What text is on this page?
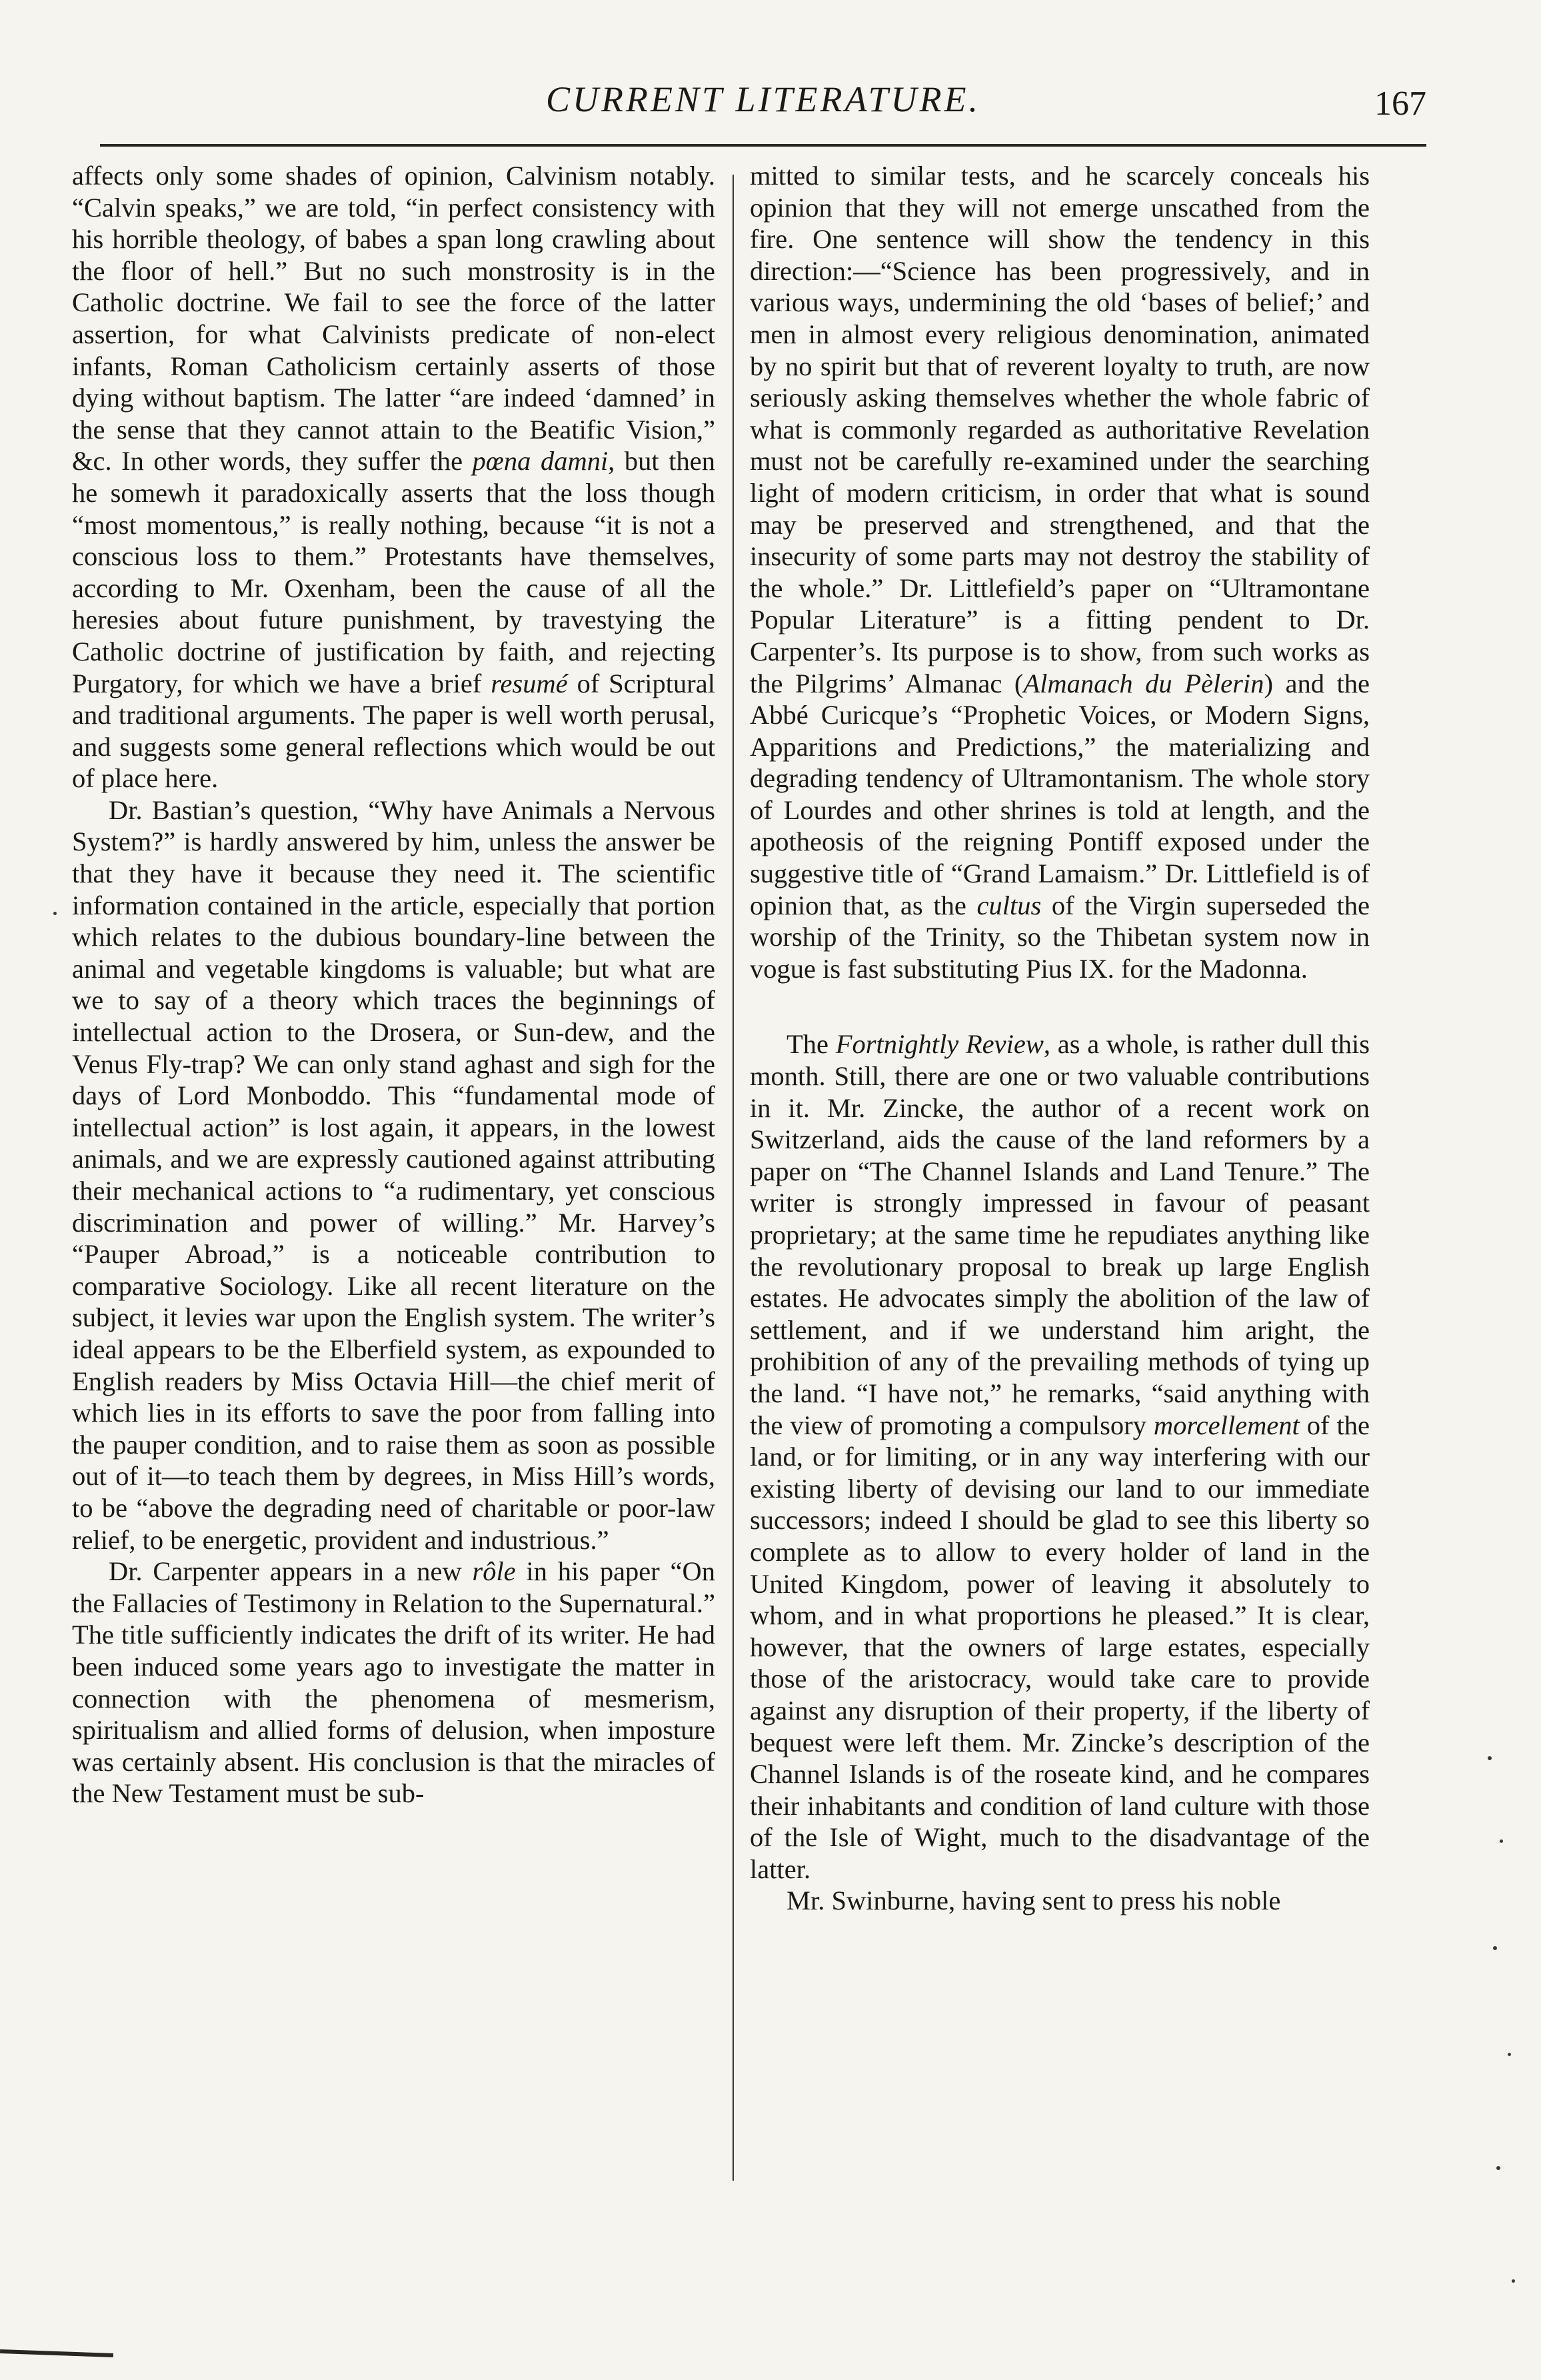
CURRENT LITERATURE.	167

affects only some shades of opinion, Calvinism notably. “Calvin speaks,” we are told, “in perfect consistency with his horrible theology, of babes a span long crawling about the floor of hell.” But no such monstrosity is in the Catholic doctrine. We fail to see the force of the latter assertion, for what Calvinists predicate of non-elect infants, Roman Catholicism certainly asserts of those dying without baptism. The latter “are indeed ‘damned’ in the sense that they cannot attain to the Beatific Vision,” &c. In other words, they suffer the pœna damni, but then he somewh it paradoxically asserts that the loss though “most momentous,” is really nothing, because “it is not a conscious loss to them.” Protestants have themselves, according to Mr. Oxenham, been the cause of all the heresies about future punishment, by travestying the Catholic doctrine of justification by faith, and rejecting Purgatory, for which we have a brief resumé of Scriptural and traditional arguments. The paper is well worth perusal, and suggests some general reflections which would be out of place here.

Dr. Bastian’s question, “Why have Animals a Nervous System?” is hardly answered by him, unless the answer be that they have it because they need it. The scientific information contained in the article, especially that portion which relates to the dubious boundary-line between the animal and vegetable kingdoms is valuable; but what are we to say of a theory which traces the beginnings of intellectual action to the Drosera, or Sun-dew, and the Venus Fly-trap? We can only stand aghast and sigh for the days of Lord Monboddo. This “fundamental mode of intellectual action” is lost again, it appears, in the lowest animals, and we are expressly cautioned against attributing their mechanical actions to “a rudimentary, yet conscious discrimination and power of willing.” Mr. Harvey’s “Pauper Abroad,” is a noticeable contribution to comparative Sociology. Like all recent literature on the subject, it levies war upon the English system. The writer’s ideal appears to be the Elberfield system, as expounded to English readers by Miss Octavia Hill—the chief merit of which lies in its efforts to save the poor from falling into the pauper condition, and to raise them as soon as possible out of it—to teach them by degrees, in Miss Hill’s words, to be “above the degrading need of charitable or poor-law relief, to be energetic, provident and industrious.”

Dr. Carpenter appears in a new rôle in his paper “On the Fallacies of Testimony in Relation to the Supernatural.” The title sufficiently indicates the drift of its writer. He had been induced some years ago to investigate the matter in connection with the phenomena of mesmerism, spiritualism and allied forms of delusion, when imposture was certainly absent. His conclusion is that the miracles of the New Testament must be sub-

mitted to similar tests, and he scarcely conceals his opinion that they will not emerge unscathed from the fire. One sentence will show the tendency in this direction:—“Science has been progressively, and in various ways, undermining the old ‘bases of belief;’ and men in almost every religious denomination, animated by no spirit but that of reverent loyalty to truth, are now seriously asking themselves whether the whole fabric of what is commonly regarded as authoritative Revelation must not be carefully re-examined under the searching light of modern criticism, in order that what is sound may be preserved and strengthened, and that the insecurity of some parts may not destroy the stability of the whole.” Dr. Littlefield’s paper on “Ultramontane Popular Literature” is a fitting pendent to Dr. Carpenter’s. Its purpose is to show, from such works as the Pilgrims’ Almanac (Almanach du Pèlerin) and the Abbé Curicque’s “Prophetic Voices, or Modern Signs, Apparitions and Predictions,” the materializing and degrading tendency of Ultramontanism. The whole story of Lourdes and other shrines is told at length, and the apotheosis of the reigning Pontiff exposed under the suggestive title of “Grand Lamaism.” Dr. Littlefield is of opinion that, as the cultus of the Virgin superseded the worship of the Trinity, so the Thibetan system now in vogue is fast substituting Pius IX. for the Madonna.

The Fortnightly Review, as a whole, is rather dull this month. Still, there are one or two valuable contributions in it. Mr. Zincke, the author of a recent work on Switzerland, aids the cause of the land reformers by a paper on “The Channel Islands and Land Tenure.” The writer is strongly impressed in favour of peasant proprietary; at the same time he repudiates anything like the revolutionary proposal to break up large English estates. He advocates simply the abolition of the law of settlement, and if we understand him aright, the prohibition of any of the prevailing methods of tying up the land. “I have not,” he remarks, “said anything with the view of promoting a compulsory morcellement of the land, or for limiting, or in any way interfering with our existing liberty of devising our land to our immediate successors; indeed I should be glad to see this liberty so complete as to allow to every holder of land in the United Kingdom, power of leaving it absolutely to whom, and in what proportions he pleased.” It is clear, however, that the owners of large estates, especially those of the aristocracy, would take care to provide against any disruption of their property, if the liberty of bequest were left them. Mr. Zincke’s description of the Channel Islands is of the roseate kind, and he compares their inhabitants and condition of land culture with those of the Isle of Wight, much to the disadvantage of the latter.

Mr. Swinburne, having sent to press his noble
